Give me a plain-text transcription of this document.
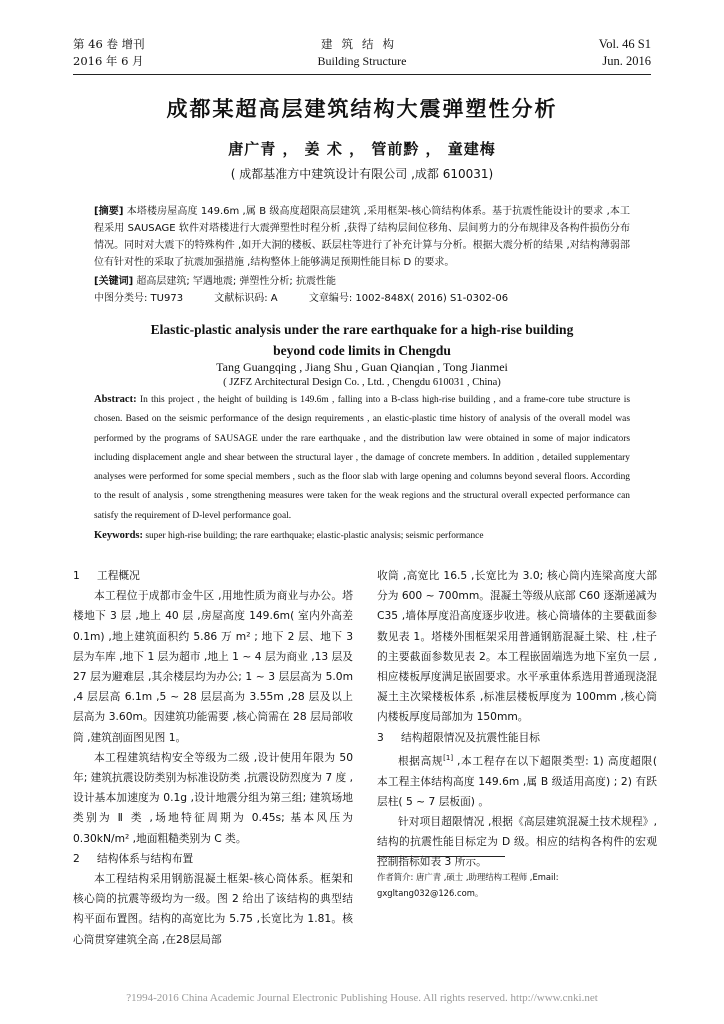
第 46 卷 增刊
2016 年 6 月
建筑结构
Building Structure
Vol. 46 S1
Jun. 2016
成都某超高层建筑结构大震弹塑性分析
唐广青 ， 姜 术 ， 管前黔 ， 童建梅
( 成都基准方中建筑设计有限公司 ,成都 610031)
[摘要] 本塔楼房屋高度 149.6m ,属 B 级高度超限高层建筑 ,采用框架-核心筒结构体系。基于抗震性能设计的要求 ,本工程采用 SAUSAGE 软件对塔楼进行大震弹塑性时程分析 ,获得了结构层间位移角、层间剪力的分布规律及各构件损伤分布情况。同时对大震下的特殊构件 ,如开大洞的楼板、跃层柱等进行了补充计算与分析。根据大震分析的结果 ,对结构薄弱部位有针对性的采取了抗震加强措施 ,结构整体上能够满足预期性能目标 D 的要求。
[关键词] 超高层建筑; 罕遇地震; 弹塑性分析; 抗震性能
中图分类号: TU973	文献标识码: A	文章编号: 1002-848X( 2016) S1-0302-06
Elastic-plastic analysis under the rare earthquake for a high-rise building
beyond code limits in Chengdu
Tang Guangqing , Jiang Shu , Guan Qianqian , Tong Jianmei
( JZFZ Architectural Design Co. , Ltd. , Chengdu 610031 , China)
Abstract: In this project , the height of building is 149.6m , falling into a B-class high-rise building , and a frame-core tube structure is chosen. Based on the seismic performance of the design requirements , an elastic-plastic time history of analysis of the overall model was performed by the programs of SAUSAGE under the rare earthquake , and the distribution law were obtained in some of major indicators including displacement angle and shear between the structural layer , the damage of concrete members. In addition , detailed supplementary analyses were performed for some special members , such as the floor slab with large opening and columns beyond several floors. According to the result of analysis , some strengthening measures were taken for the weak regions and the structural overall expected performance can satisfy the requirement of D-level performance goal.
Keywords: super high-rise building; the rare earthquake; elastic-plastic analysis; seismic performance
1 工程概况

本工程位于成都市金牛区 ,用地性质为商业与办公。塔楼地下 3 层 ,地上 40 层 ,房屋高度 149.6m( 室内外高差 0.1m) ,地上建筑面积约 5.86 万 m² ; 地下 2 层、地下 3 层为车库 ,地下 1 层为超市 ,地上 1 ~ 4 层为商业 ,13 层及 27 层为避难层 ,其余楼层均为办公; 1 ~ 3 层层高为 5.0m ,4 层层高 6.1m ,5 ~ 28 层层高为 3.55m ,28 层及以上层高为 3.60m。因建筑功能需要 ,核心筒需在 28 层局部收筒 ,建筑剖面图见图 1。

本工程建筑结构安全等级为二级 ,设计使用年限为 50 年; 建筑抗震设防类别为标准设防类 ,抗震设防烈度为 7 度 ,设计基本加速度为 0.1g ,设计地震分组为第三组; 建筑场地类别为 Ⅱ 类 ,场地特征周期为 0.45s; 基本风压为 0.30kN/m² ,地面粗糙类别为 C 类。

2 结构体系与结构布置

本工程结构采用钢筋混凝土框架-核心筒体系。框架和核心筒的抗震等级均为一级。图 2 给出了该结构的典型结构平面布置图。结构的高宽比为 5.75 ,长宽比为 1.81。核心筒贯穿建筑全高 ,在28层局部

收筒 ,高宽比 16.5 ,长宽比为 3.0; 核心筒内连梁高度大部分为 600 ~ 700mm。混凝土等级从底部 C60 逐渐递减为 C35 ,墙体厚度沿高度逐步收进。核心筒墙体的主要截面参数见表 1。塔楼外围框架采用普通钢筋混凝土梁、柱 ,柱子的主要截面参数见表 2。本工程嵌固端选为地下室负一层 ,相应楼板厚度满足嵌固要求。水平承重体系选用普通现浇混凝土主次梁楼板体系 ,标准层楼板厚度为 100mm ,核心筒内楼板厚度局部加为 150mm。

3 结构超限情况及抗震性能目标

根据高规[1] ,本工程存在以下超限类型: 1) 高度超限( 本工程主体结构高度 149.6m ,属 B 级适用高度) ; 2) 有跃层柱( 5 ~ 7 层板面) 。

针对项目超限情况 ,根据《高层建筑混凝土技术规程》,结构的抗震性能目标定为 D 级。相应的结构各构件的宏观控制指标如表 3 所示。

作者简介: 唐广青 ,硕士 ,助理结构工程师 ,Email: gxgltang032@126.com。
?1994-2016 China Academic Journal Electronic Publishing House. All rights reserved. http://www.cnki.net
